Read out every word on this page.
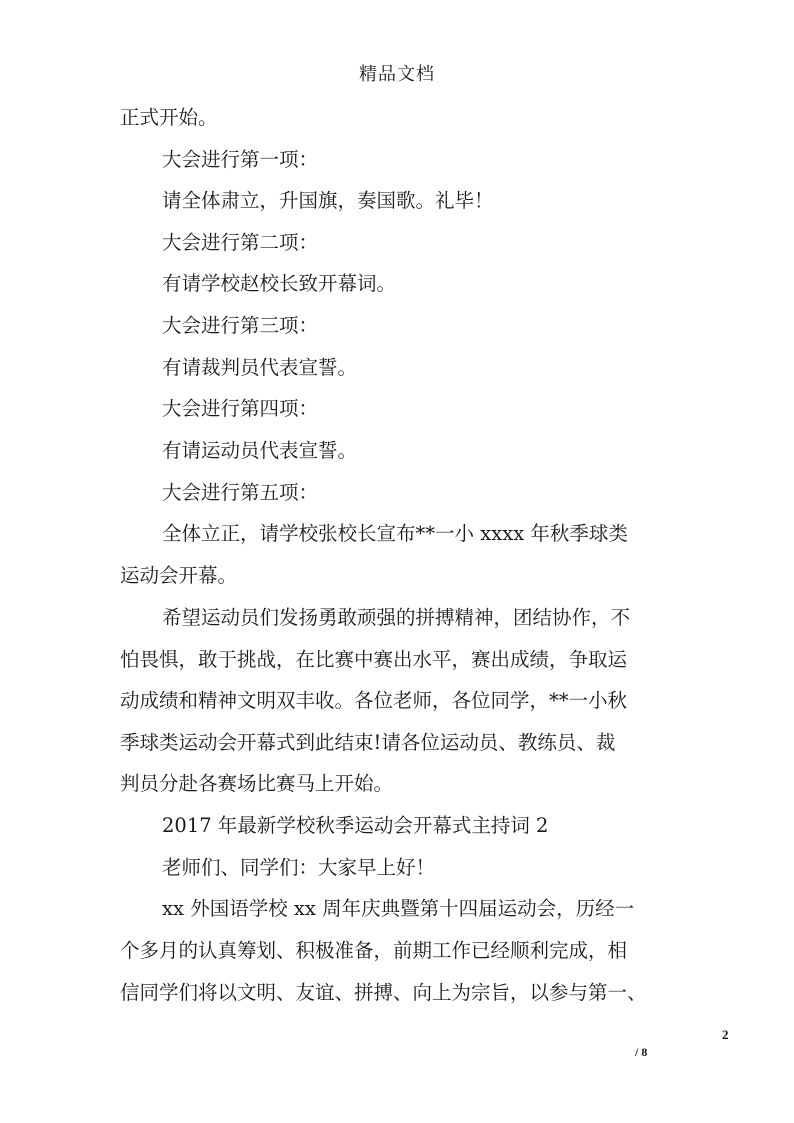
精品文档
正式开始。
大会进行第一项：
请全体肃立，升国旗，奏国歌。礼毕！
大会进行第二项：
有请学校赵校长致开幕词。
大会进行第三项：
有请裁判员代表宣誓。
大会进行第四项：
有请运动员代表宣誓。
大会进行第五项：
全体立正，请学校张校长宣布**一小 xxxx 年秋季球类
运动会开幕。
希望运动员们发扬勇敢顽强的拼搏精神，团结协作，不
怕畏惧，敢于挑战，在比赛中赛出水平，赛出成绩，争取运
动成绩和精神文明双丰收。各位老师，各位同学，**一小秋
季球类运动会开幕式到此结束!请各位运动员、教练员、裁
判员分赴各赛场比赛马上开始。
2017 年最新学校秋季运动会开幕式主持词 2
老师们、同学们：大家早上好！
xx 外国语学校 xx 周年庆典暨第十四届运动会，历经一
个多月的认真筹划、积极准备，前期工作已经顺利完成，相
信同学们将以文明、友谊、拼搏、向上为宗旨，以参与第一、
2
/ 8
